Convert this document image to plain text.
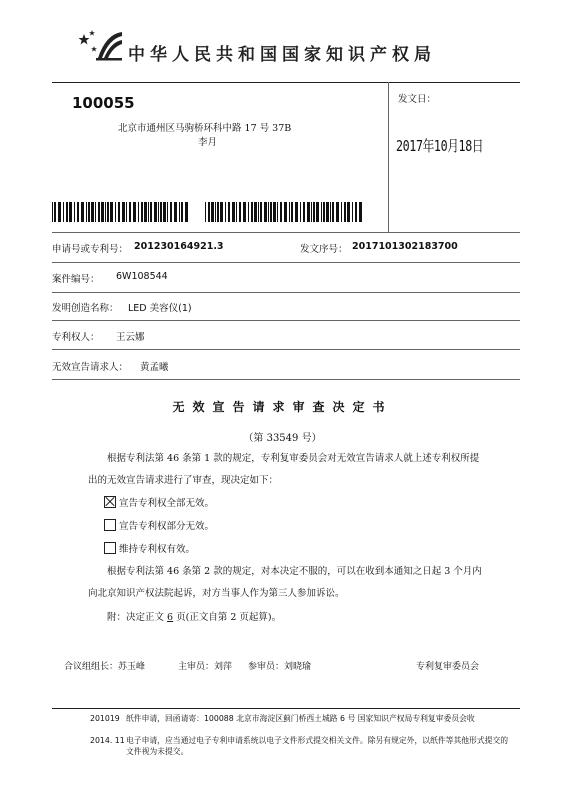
中华人民共和国国家知识产权局
100055
北京市通州区马驹桥环科中路 17 号 37B
李月
发文日：
2017年10月18日
申请号或专利号： 201230164921.3	发文序号： 2017101302183700
案件编号： 6W108544
发明创造名称： LED 美容仪(1)
专利权人： 王云娜
无效宣告请求人： 黄孟曦
无效宣告请求审查决定书
（第 33549 号）
根据专利法第 46 条第 1 款的规定，专利复审委员会对无效宣告请求人就上述专利权所提出的无效宣告请求进行了审查，现决定如下：
宣告专利权全部无效。
宣告专利权部分无效。
维持专利权有效。
根据专利法第 46 条第 2 款的规定，对本决定不服的，可以在收到本通知之日起 3 个月内向北京知识产权法院起诉，对方当事人作为第三人参加诉讼。
附：决定正文 6 页(正文自第 2 页起算)。
合议组组长：苏玉峰	主审员：刘萍 参审员：刘晓瑜	专利复审委员会
201019 纸件申请，回函请寄：100088 北京市海淀区蓟门桥西土城路 6 号 国家知识产权局专利复审委员会收
2014. 11 电子申请，应当通过电子专利申请系统以电子文件形式提交相关文件。除另有规定外，以纸件等其他形式提交的文件视为未提交。
